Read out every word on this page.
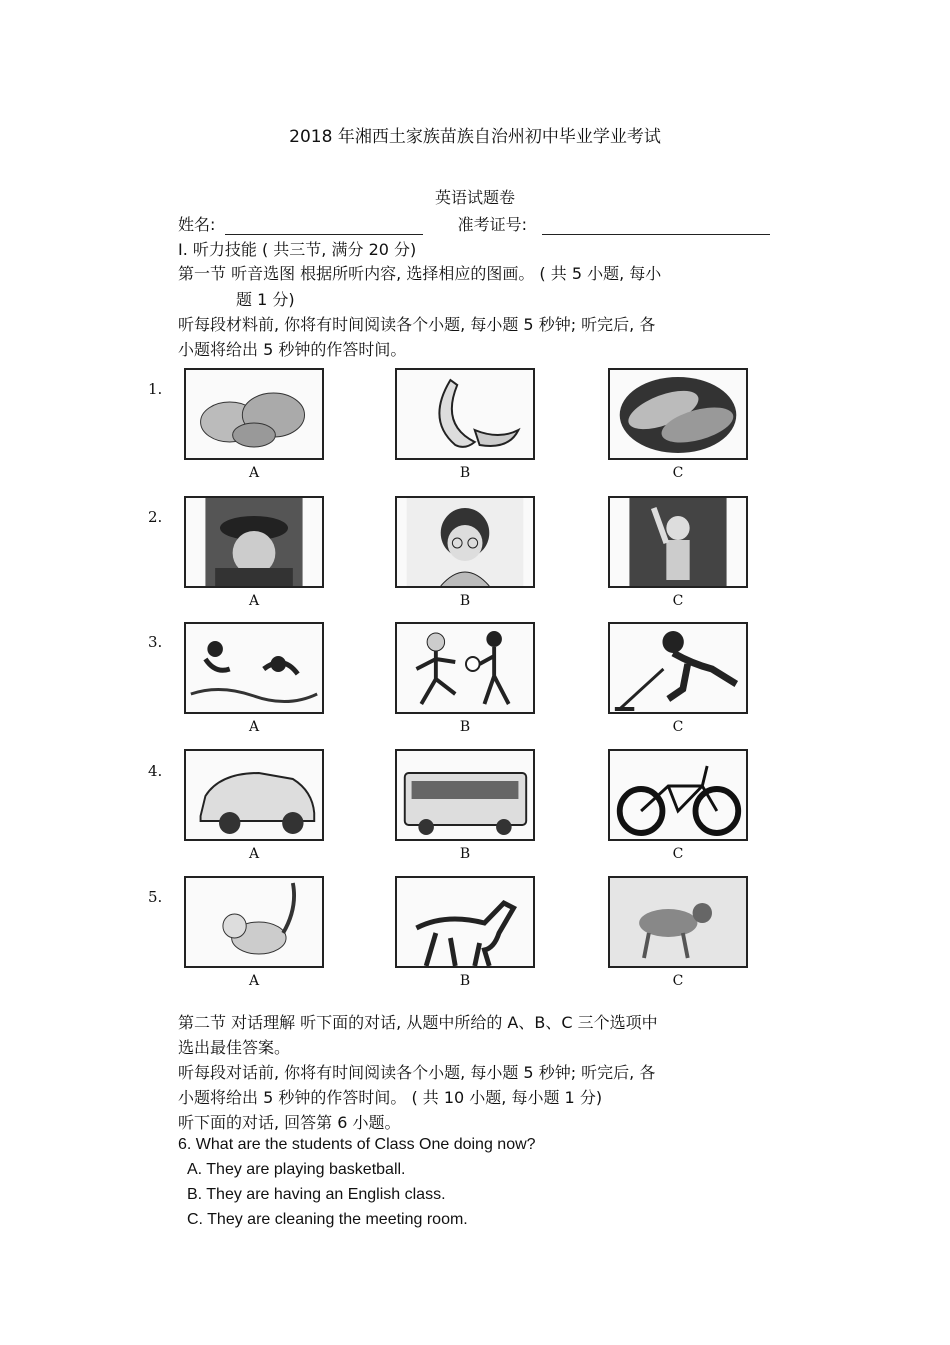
2018 年湘西土家族苗族自治州初中毕业学业考试
英语试题卷
姓名:	准考证号:
Ⅰ. 听力技能 ( 共三节, 满分 20 分)
第一节 听音选图 根据所听内容, 选择相应的图画。 ( 共 5 小题, 每小
题 1 分)
听每段材料前, 你将有时间阅读各个小题, 每小题 5 秒钟; 听完后, 各
小题将给出 5 秒钟的作答时间。
1.
A	B	C
2.
A	B	C
3.
A	B	C
4.
A	B	C
5.
A	B	C
第二节 对话理解 听下面的对话, 从题中所给的 A、B、C 三个选项中
选出最佳答案。
听每段对话前, 你将有时间阅读各个小题, 每小题 5 秒钟; 听完后, 各
小题将给出 5 秒钟的作答时间。 ( 共 10 小题, 每小题 1 分)
听下面的对话, 回答第 6 小题。
6. What are the students of Class One doing now?
A. They are playing basketball.
B. They are having an English class.
C. They are cleaning the meeting room.
